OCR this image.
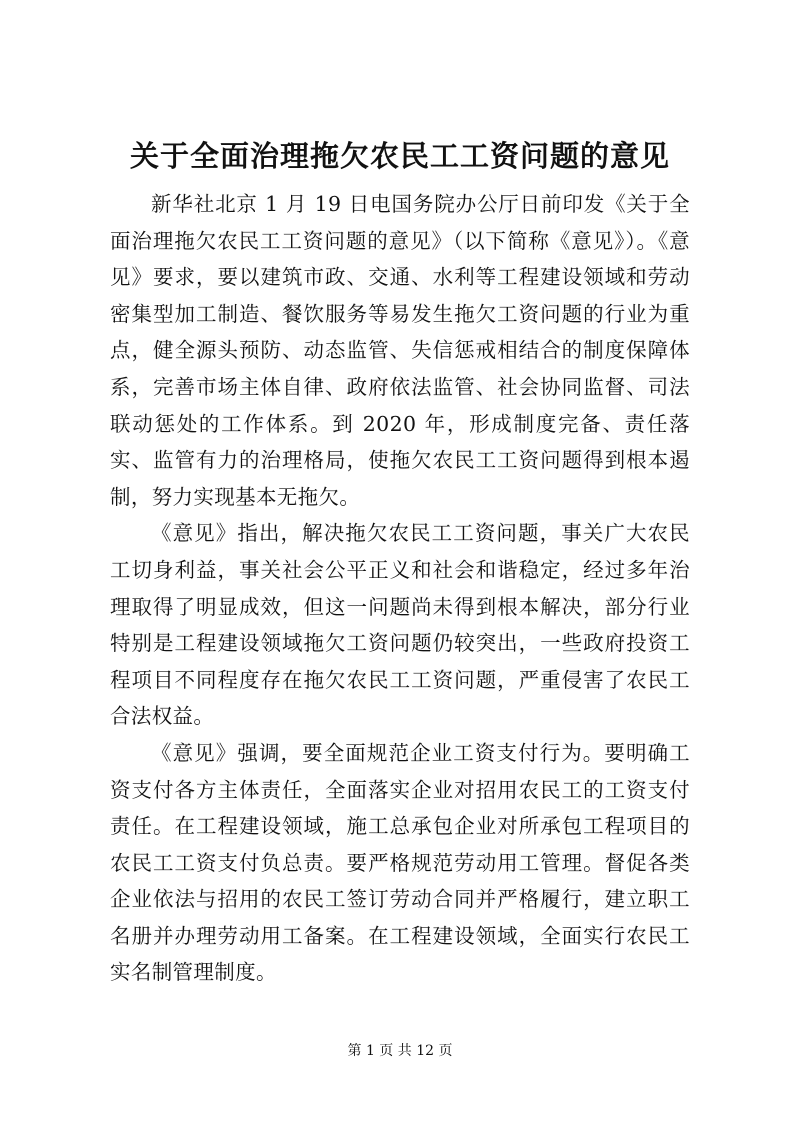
关于全面治理拖欠农民工工资问题的意见

新华社北京 1 月 19 日电国务院办公厅日前印发《关于全面治理拖欠农民工工资问题的意见》（以下简称《意见》）。《意见》要求，要以建筑市政、交通、水利等工程建设领域和劳动密集型加工制造、餐饮服务等易发生拖欠工资问题的行业为重点，健全源头预防、动态监管、失信惩戒相结合的制度保障体系，完善市场主体自律、政府依法监管、社会协同监督、司法联动惩处的工作体系。到 2020 年，形成制度完备、责任落实、监管有力的治理格局，使拖欠农民工工资问题得到根本遏制，努力实现基本无拖欠。

《意见》指出，解决拖欠农民工工资问题，事关广大农民工切身利益，事关社会公平正义和社会和谐稳定，经过多年治理取得了明显成效，但这一问题尚未得到根本解决，部分行业特别是工程建设领域拖欠工资问题仍较突出，一些政府投资工程项目不同程度存在拖欠农民工工资问题，严重侵害了农民工合法权益。

《意见》强调，要全面规范企业工资支付行为。要明确工资支付各方主体责任，全面落实企业对招用农民工的工资支付责任。在工程建设领域，施工总承包企业对所承包工程项目的农民工工资支付负总责。要严格规范劳动用工管理。督促各类企业依法与招用的农民工签订劳动合同并严格履行，建立职工名册并办理劳动用工备案。在工程建设领域，全面实行农民工实名制管理制度。

第 1 页 共 12 页
